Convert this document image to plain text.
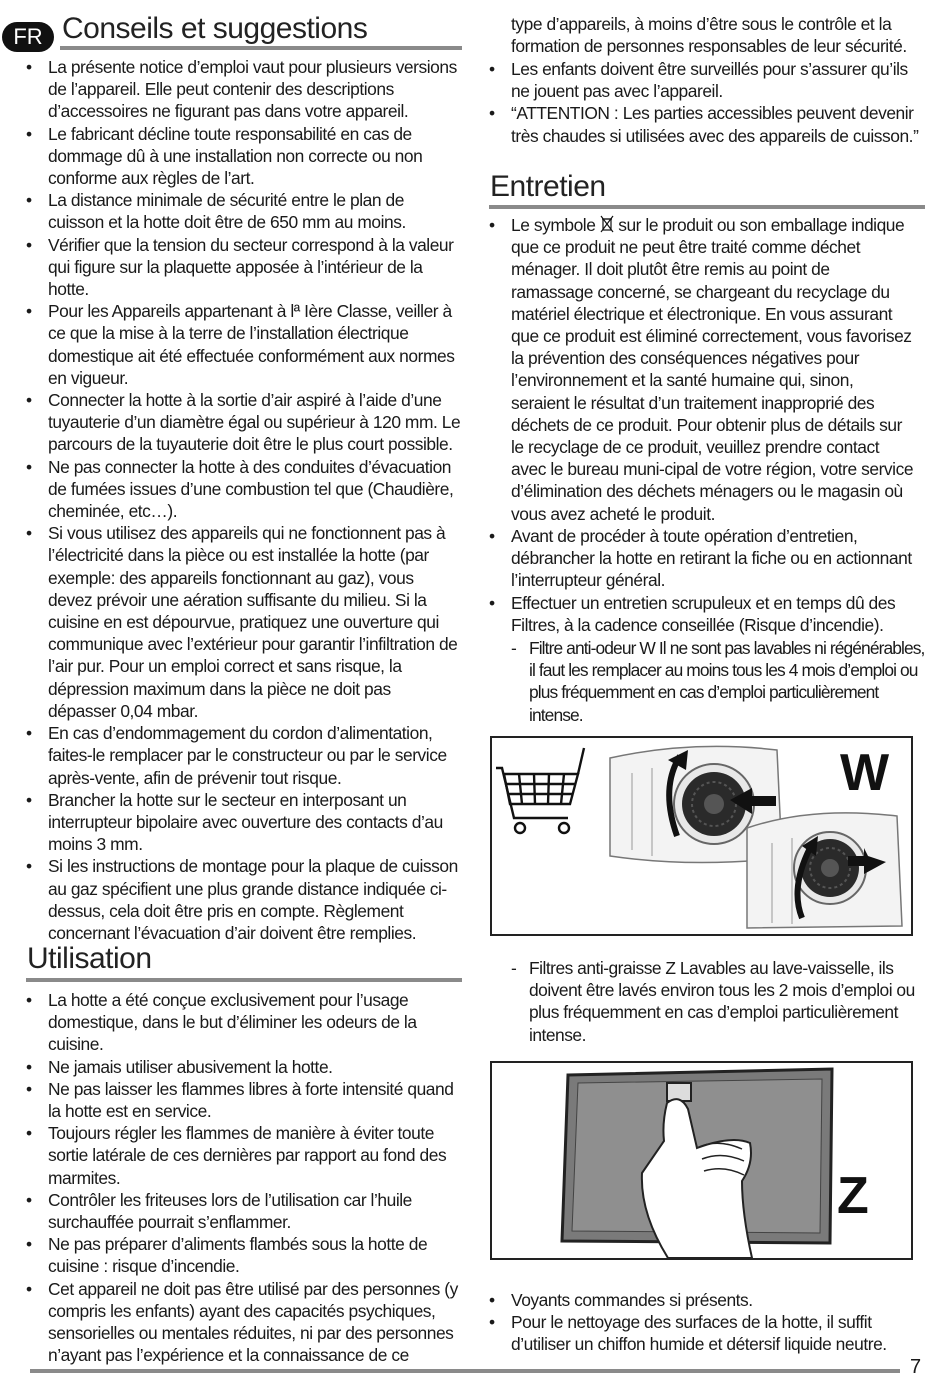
FR Conseils et suggestions
• La présente notice d’emploi vaut pour plusieurs versions de l’appareil. Elle peut contenir des descriptions d’accessoires ne figurant pas dans votre appareil.
• Le fabricant décline toute responsabilité en cas de dommage dû à une installation non correcte ou non conforme aux règles de l’art.
• La distance minimale de sécurité entre le plan de cuisson et la hotte doit être de 650 mm au moins.
• Vérifier que la tension du secteur correspond à la valeur qui figure sur la plaquette apposée à l’intérieur de la hotte.
• Pour les Appareils appartenant à lª Ière Classe, veiller à ce que la mise à la terre de l’installation électrique domestique ait été effectuée conformément aux normes en vigueur.
• Connecter la hotte à la sortie d’air aspiré à l’aide d’une tuyauterie d’un diamètre égal ou supérieur à 120 mm. Le parcours de la tuyauterie doit être le plus court possible.
• Ne pas connecter la hotte à des conduites d’évacuation de fumées issues d’une combustion tel que (Chaudière, cheminée, etc…).
• Si vous utilisez des appareils qui ne fonctionnent pas à l’électricité dans la pièce ou est installée la hotte (par exemple: des appareils fonctionnant au gaz), vous devez prévoir une aération suffisante du milieu. Si la cuisine en est dépourvue, pratiquez une ouverture qui communique avec l’extérieur pour garantir l’infiltration de l’air pur. Pour un emploi correct et sans risque, la dépression maximum dans la pièce ne doit pas dépasser 0,04 mbar.
• En cas d’endommagement du cordon d’alimentation, faites-le remplacer par le constructeur ou par le service après-vente, afin de prévenir tout risque.
• Brancher la hotte sur le secteur en interposant un interrupteur bipolaire avec ouverture des contacts d’au moins 3 mm.
• Si les instructions de montage pour la plaque de cuisson au gaz spécifient une plus grande distance indiquée ci-dessus, cela doit être pris en compte. Règlement concernant l’évacuation d’air doivent être remplies.
Utilisation
• La hotte a été conçue exclusivement pour l’usage domestique, dans le but d’éliminer les odeurs de la cuisine.
• Ne jamais utiliser abusivement la hotte.
• Ne pas laisser les flammes libres à forte intensité quand la hotte est en service.
• Toujours régler les flammes de manière à éviter toute sortie latérale de ces dernières par rapport au fond des marmites.
• Contrôler les friteuses lors de l’utilisation car l’huile surchauffée pourrait s’enflammer.
• Ne pas préparer d’aliments flambés sous la hotte de cuisine : risque d’incendie.
• Cet appareil ne doit pas être utilisé par des personnes (y compris les enfants) ayant des capacités psychiques, sensorielles ou mentales réduites, ni par des personnes n’ayant pas l’expérience et la connaissance de ce
type d’appareils, à moins d’être sous le contrôle et la formation de personnes responsables de leur sécurité.
• Les enfants doivent être surveillés pour s’assurer qu’ils ne jouent pas avec l’appareil.
• “ATTENTION : Les parties accessibles peuvent devenir très chaudes si utilisées avec des appareils de cuisson.”
Entretien
• Le symbole sur le produit ou son emballage indique que ce produit ne peut être traité comme déchet ménager. Il doit plutôt être remis au point de ramassage concerné, se chargeant du recyclage du matériel électrique et électronique. En vous assurant que ce produit est éliminé correctement, vous favorisez la prévention des conséquences négatives pour l’environnement et la santé humaine qui, sinon, seraient le résultat d’un traitement inapproprié des déchets de ce produit. Pour obtenir plus de détails sur le recyclage de ce produit, veuillez prendre contact avec le bureau muni-cipal de votre région, votre service d’élimination des déchets ménagers ou le magasin où vous avez acheté le produit.
• Avant de procéder à toute opération d’entretien, débrancher la hotte en retirant la fiche ou en actionnant l’interrupteur général.
• Effectuer un entretien scrupuleux et en temps dû des Filtres, à la cadence conseillée (Risque d’incendie).
- Filtre anti-odeur W Il ne sont pas lavables ni régénérables, il faut les remplacer au moins tous les 4 mois d’emploi ou plus fréquemment en cas d’emploi particulièrement intense.
- Filtres anti-graisse Z Lavables au lave-vaisselle, ils doivent être lavés environ tous les 2 mois d’emploi ou plus fréquemment en cas d’emploi particulièrement intense.
• Voyants commandes si présents.
• Pour le nettoyage des surfaces de la hotte, il suffit d’utiliser un chiffon humide et détersif liquide neutre.
W
Z
7
